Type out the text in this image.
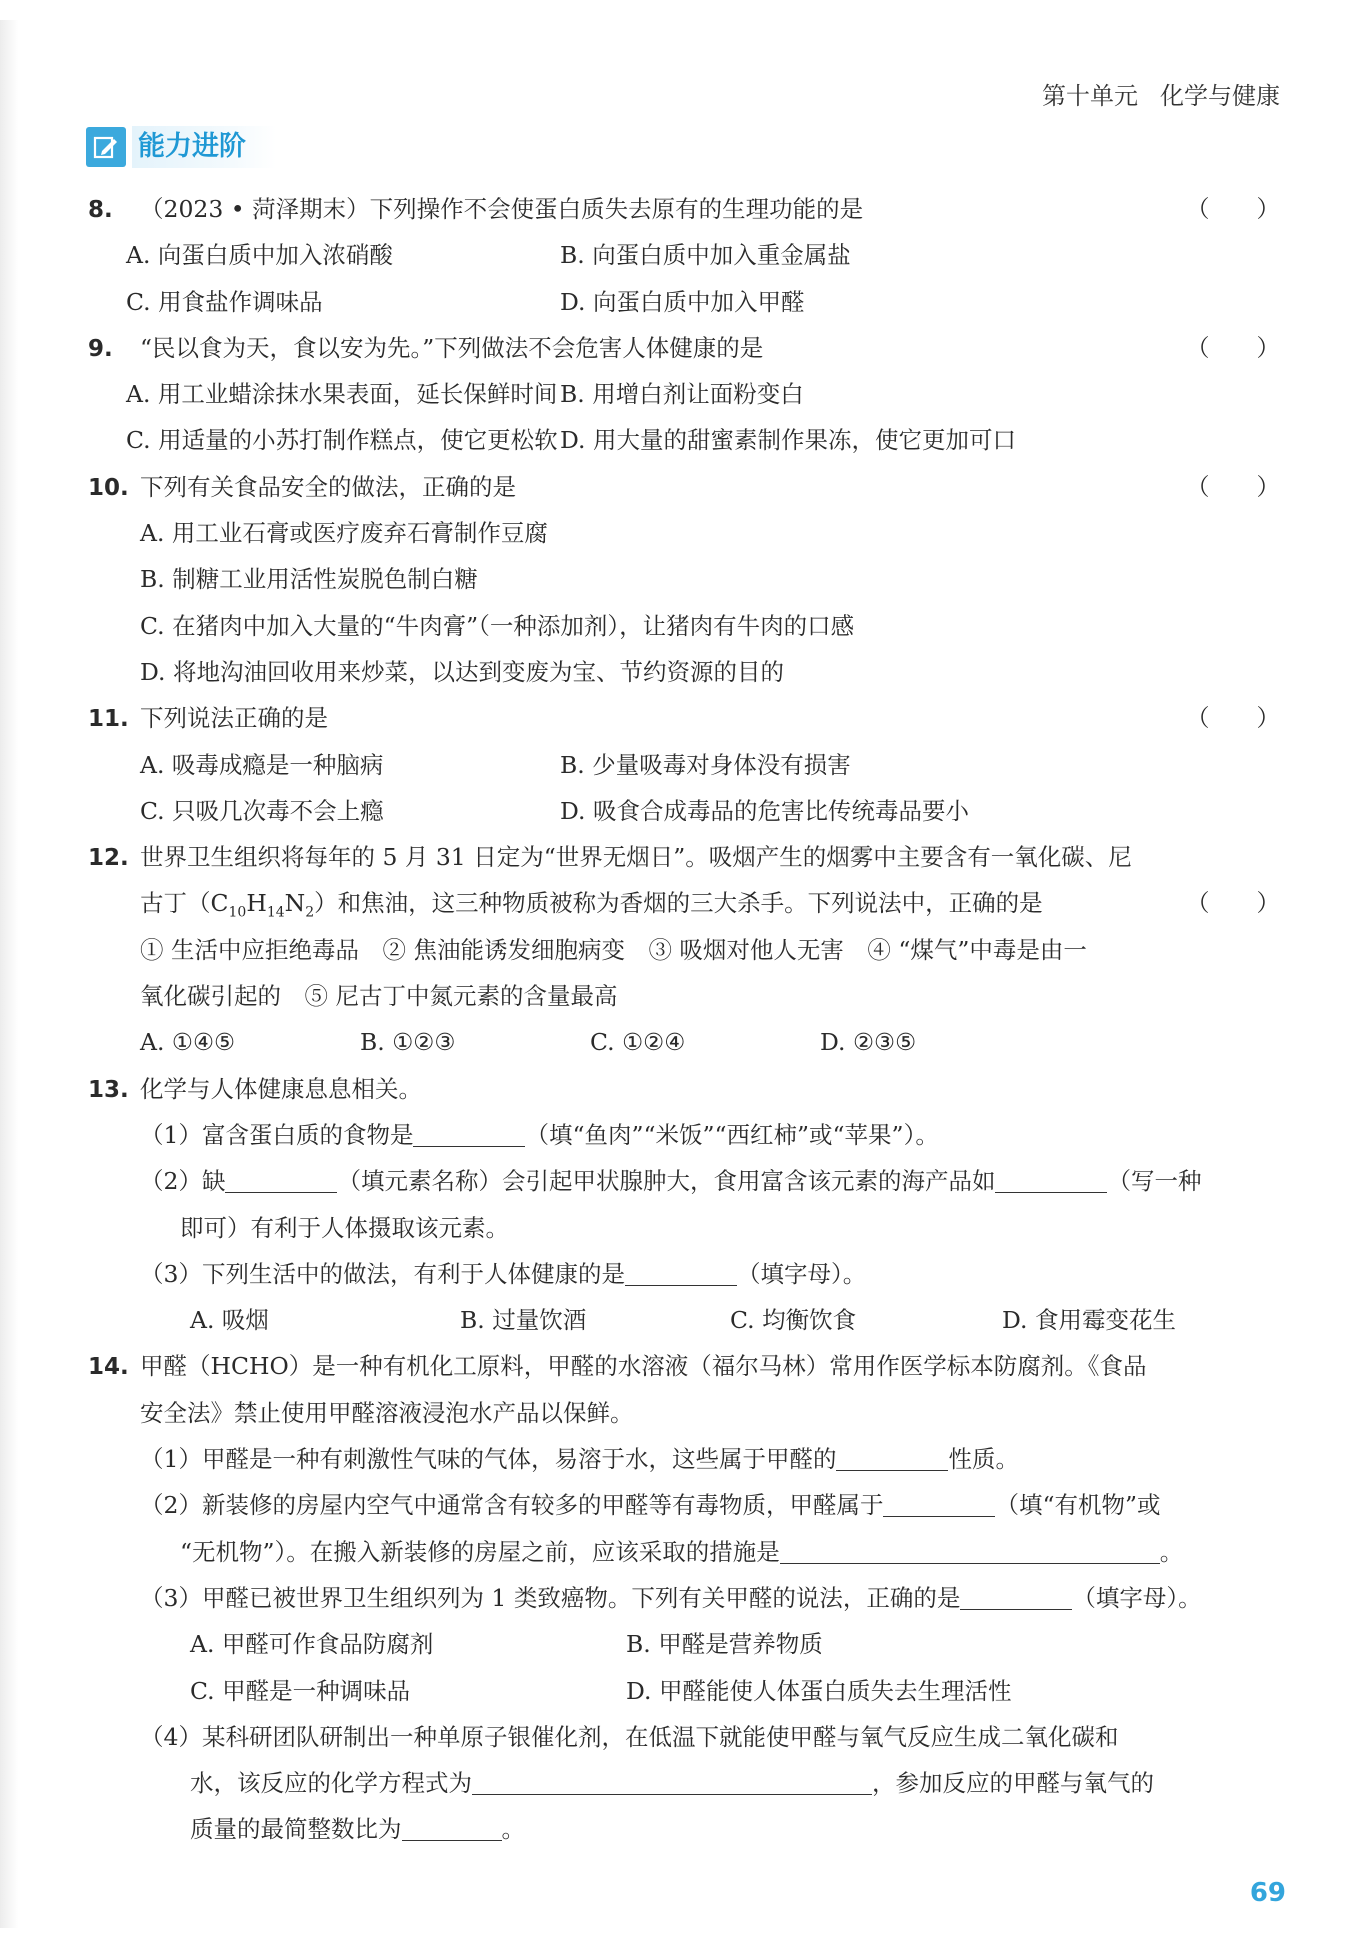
第十单元 化学与健康
能力进阶
8. （2023 • 菏泽期末）下列操作不会使蛋白质失去原有的生理功能的是	（　　）
A. 向蛋白质中加入浓硝酸	B. 向蛋白质中加入重金属盐
C. 用食盐作调味品	D. 向蛋白质中加入甲醛
9. “民以食为天，食以安为先。”下列做法不会危害人体健康的是	（　　）
A. 用工业蜡涂抹水果表面，延长保鲜时间 B. 用增白剂让面粉变白
C. 用适量的小苏打制作糕点，使它更松软 D. 用大量的甜蜜素制作果冻，使它更加可口
10. 下列有关食品安全的做法，正确的是	（　　）
A. 用工业石膏或医疗废弃石膏制作豆腐
B. 制糖工业用活性炭脱色制白糖
C. 在猪肉中加入大量的“牛肉膏”（一种添加剂），让猪肉有牛肉的口感
D. 将地沟油回收用来炒菜，以达到变废为宝、节约资源的目的
11. 下列说法正确的是	（　　）
A. 吸毒成瘾是一种脑病	B. 少量吸毒对身体没有损害
C. 只吸几次毒不会上瘾	D. 吸食合成毒品的危害比传统毒品要小
12. 世界卫生组织将每年的 5 月 31 日定为“世界无烟日”。吸烟产生的烟雾中主要含有一氧化碳、尼
古丁$(C_{10}H_{14}N_2)$和焦油，这三种物质被称为香烟的三大杀手。下列说法中，正确的是	（　　）
① 生活中应拒绝毒品　② 焦油能诱发细胞病变　③ 吸烟对他人无害　④ “煤气”中毒是由一
氧化碳引起的　⑤ 尼古丁中氮元素的含量最高
A. ①④⑤	B. ①②③	C. ①②④	D. ②③⑤
13. 化学与人体健康息息相关。
（1）富含蛋白质的食物是	（填“鱼肉”“米饭”“西红柿”或“苹果”）。
（2）缺	（填元素名称）会引起甲状腺肿大，食用富含该元素的海产品如	（写一种
即可）有利于人体摄取该元素。
（3）下列生活中的做法，有利于人体健康的是	（填字母）。
A. 吸烟	B. 过量饮酒	C. 均衡饮食	D. 食用霉变花生
14. 甲醛（HCHO）是一种有机化工原料，甲醛的水溶液（福尔马林）常用作医学标本防腐剂。《食品
安全法》禁止使用甲醛溶液浸泡水产品以保鲜。
（1）甲醛是一种有刺激性气味的气体，易溶于水，这些属于甲醛的	性质。
（2）新装修的房屋内空气中通常含有较多的甲醛等有毒物质，甲醛属于	（填“有机物”或
“无机物”）。在搬入新装修的房屋之前，应该采取的措施是	。
（3）甲醛已被世界卫生组织列为 1 类致癌物。下列有关甲醛的说法，正确的是	（填字母）。
A. 甲醛可作食品防腐剂	B. 甲醛是营养物质
C. 甲醛是一种调味品	D. 甲醛能使人体蛋白质失去生理活性
（4）某科研团队研制出一种单原子银催化剂，在低温下就能使甲醛与氧气反应生成二氧化碳和
水，该反应的化学方程式为	，参加反应的甲醛与氧气的
质量的最简整数比为	。
69
